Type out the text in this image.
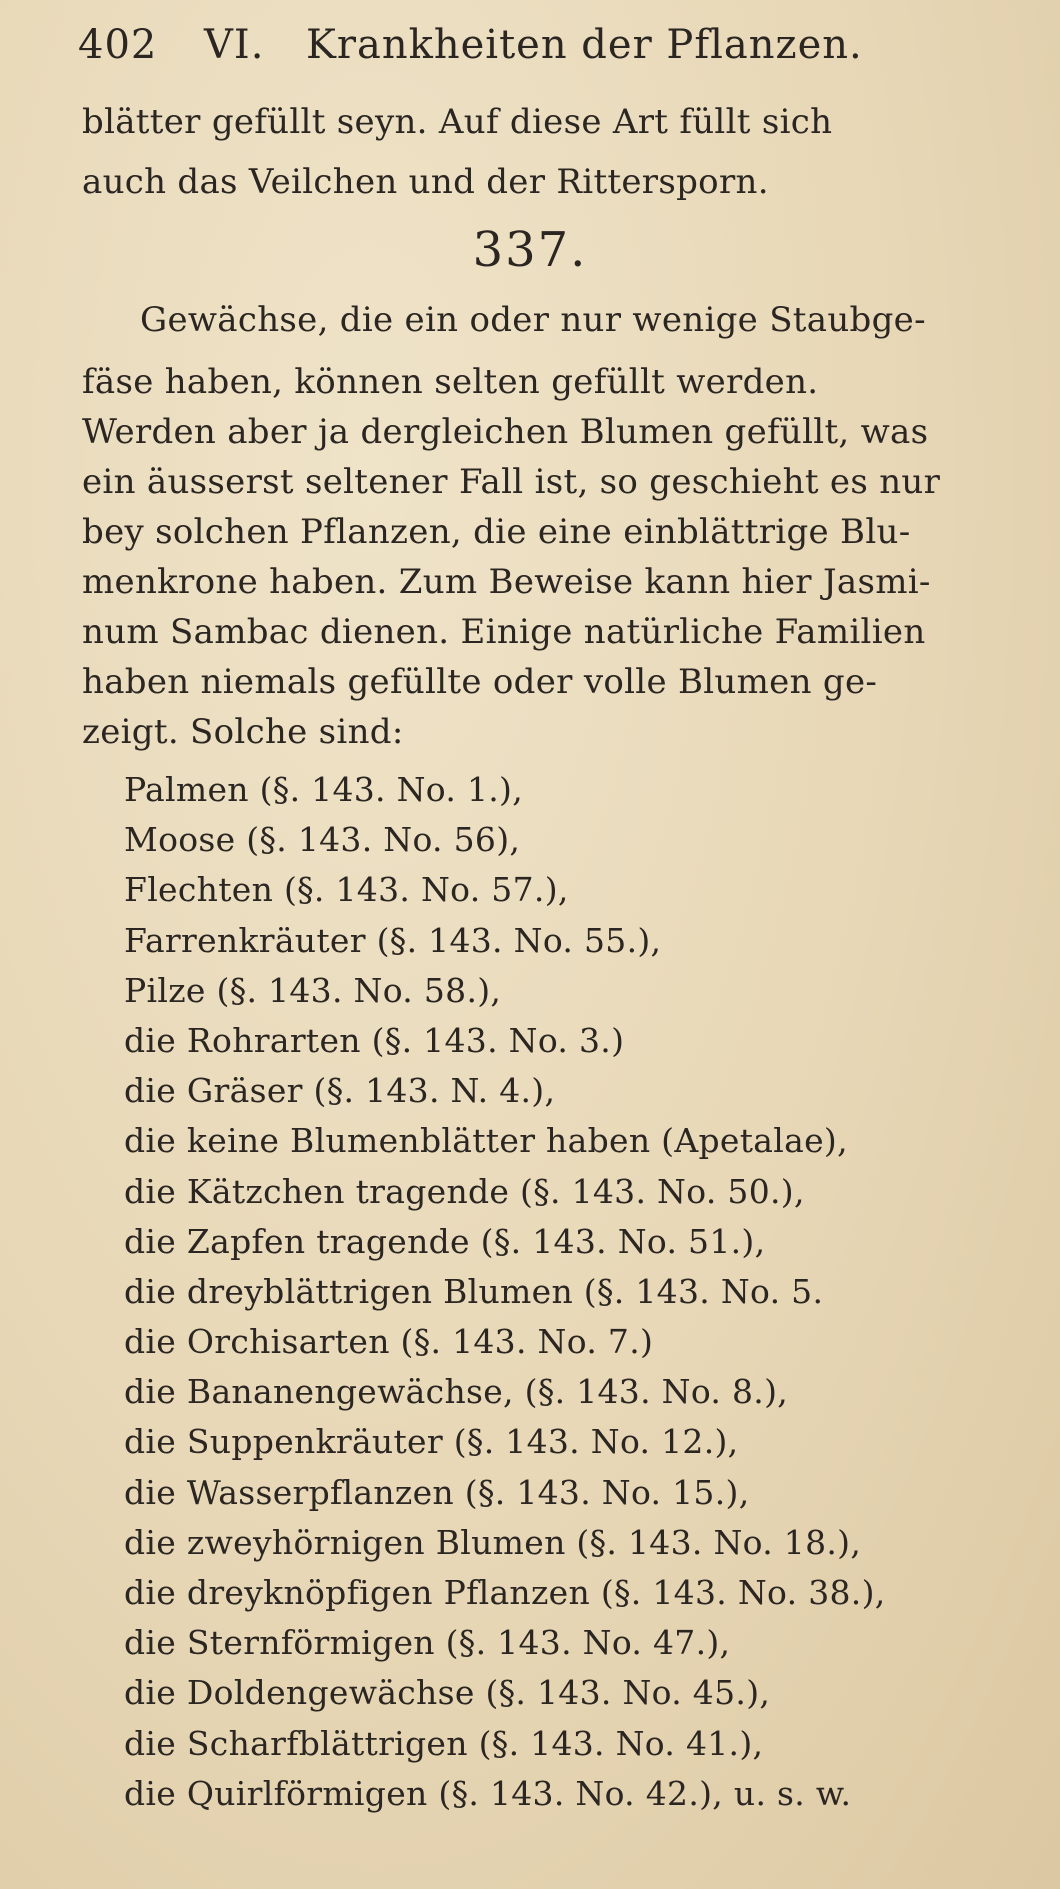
402 VI. Krankheiten der Pflanzen.
blätter gefüllt seyn. Auf diese Art füllt sich
auch das Veilchen und der Rittersporn.
337.
Gewächse, die ein oder nur wenige Staubge-
fäse haben, können selten gefüllt werden.
Werden aber ja dergleichen Blumen gefüllt, was
ein äusserst seltener Fall ist, so geschieht es nur
bey solchen Pflanzen, die eine einblättrige Blu-
menkrone haben. Zum Beweise kann hier Jasmi-
num Sambac dienen. Einige natürliche Familien
haben niemals gefüllte oder volle Blumen ge-
zeigt. Solche sind:
Palmen (§. 143. No. 1.),
Moose (§. 143. No. 56),
Flechten (§. 143. No. 57.),
Farrenkräuter (§. 143. No. 55.),
Pilze (§. 143. No. 58.),
die Rohrarten (§. 143. No. 3.)
die Gräser (§. 143. N. 4.),
die keine Blumenblätter haben (Apetalae),
die Kätzchen tragende (§. 143. No. 50.),
die Zapfen tragende (§. 143. No. 51.),
die dreyblättrigen Blumen (§. 143. No. 5.
die Orchisarten (§. 143. No. 7.)
die Bananengewächse, (§. 143. No. 8.),
die Suppenkräuter (§. 143. No. 12.),
die Wasserpflanzen (§. 143. No. 15.),
die zweyhörnigen Blumen (§. 143. No. 18.),
die dreyknöpfigen Pflanzen (§. 143. No. 38.),
die Sternförmigen (§. 143. No. 47.),
die Doldengewächse (§. 143. No. 45.),
die Scharfblättrigen (§. 143. No. 41.),
die Quirlförmigen (§. 143. No. 42.), u. s. w.
